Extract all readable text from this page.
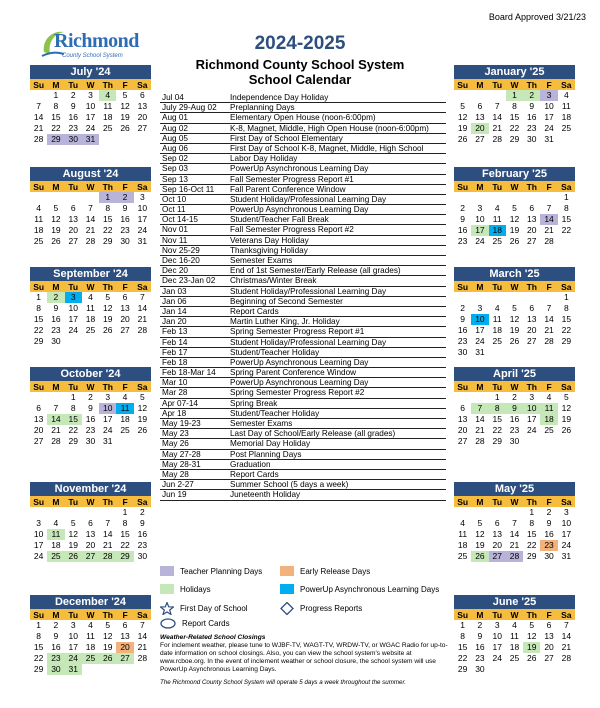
Board Approved 3/21/23
Richmond
County School System
2024-2025
Richmond County School System
School Calendar
Jul 04	Independence Day Holiday
July 29-Aug 02 Preplanning Days
Aug 01	Elementary Open House (noon-6:00pm)
Aug 02	K-8, Magnet, Middle, High Open House (noon-6:00pm)
Aug 05	First Day of School Elementary
Aug 06	First Day of School K-8, Magnet, Middle, High School
Sep 02	Labor Day Holiday
Sep 03	PowerUp Asynchronous Learning Day
Sep 13	Fall Semester Progress Report #1
Sep 16-Oct 11 Fall Parent Conference Window
Oct 10	Student Holiday/Professional Learning Day
Oct 11	PowerUp Asynchronous Learning Day
Oct 14-15	Student/Teacher Fall Break
Nov 01	Fall Semester Progress Report #2
Nov 11	Veterans Day Holiday
Nov 25-29	Thanksgiving Holiday
Dec 16-20	Semester Exams
Dec 20	End of 1st Semester/Early Release (all grades)
Dec 23-Jan 02 Christmas/Winter Break
Jan 03	Student Holiday/Professional Learning Day
Jan 06	Beginning of Second Semester
Jan 14	Report Cards
Jan 20	Martin Luther King, Jr. Holiday
Feb 13	Spring Semester Progress Report #1
Feb 14	Student Holiday/Professional Learning Day
Feb 17	Student/Teacher Holiday
Feb 18	PowerUp Asynchronous Learning Day
Feb 18-Mar 14 Spring Parent Conference Window
Mar 10	PowerUp Asynchronous Learning Day
Mar 28	Spring Semester Progress Report #2
Apr 07-14	Spring Break
Apr 18	Student/Teacher Holiday
May 19-23	Semester Exams
May 23	Last Day of School/Early Release (all grades)
May 26	Memorial Day Holiday
May 27-28	Post Planning Days
May 28-31	Graduation
May 28	Report Cards
Jun 2-27	Summer School (5 days a week)
Jun 19	Juneteenth Holiday
Teacher Planning Days	Early Release Days
Holidays	PowerUp Asynchronous Learning Days
First Day of School	Progress Reports
Report Cards
Weather-Related School Closings
For inclement weather, please tune to WJBF-TV, WAGT-TV, WRDW-TV, or WGAC Radio for up-to-date information on school closings. Also, you can view the school system's website at www.rcboe.org. In the event of inclement weather or school closure, the school system will use PowerUp Asynchronous Learning Days.
The Richmond County School System will operate 5 days a week throughout the summer.
July '24
Su	M	Tu	W	Th	F	Sa
	1	2	3	4	5	6
7	8	9	10	11	12	13
14	15	16	17	18	19	20
21	22	23	24	25	26	27
28	29	30	31			
August '24
Su	M	Tu	W	Th	F	Sa
				1	2	3
4	5	6	7	8	9	10
11	12	13	14	15	16	17
18	19	20	21	22	23	24
25	26	27	28	29	30	31
September '24
Su	M	Tu	W	Th	F	Sa
1	2	3	4	5	6	7
8	9	10	11	12	13	14
15	16	17	18	19	20	21
22	23	24	25	26	27	28
29	30					
October '24
Su	M	Tu	W	Th	F	Sa
		1	2	3	4	5
6	7	8	9	10	11	12
13	14	15	16	17	18	19
20	21	22	23	24	25	26
27	28	29	30	31		
November '24
Su	M	Tu	W	Th	F	Sa
					1	2
3	4	5	6	7	8	9
10	11	12	13	14	15	16
17	18	19	20	21	22	23
24	25	26	27	28	29	30
December '24
Su	M	Tu	W	Th	F	Sa
1	2	3	4	5	6	7
8	9	10	11	12	13	14
15	16	17	18	19	20	21
22	23	24	25	26	27	28
29	30	31				
January '25
Su	M	Tu	W	Th	F	Sa
			1	2	3	4
5	6	7	8	9	10	11
12	13	14	15	16	17	18
19	20	21	22	23	24	25
26	27	28	29	30	31	
February '25
Su	M	Tu	W	Th	F	Sa
						1
2	3	4	5	6	7	8
9	10	11	12	13	14	15
16	17	18	19	20	21	22
23	24	25	26	27	28	
March '25
Su	M	Tu	W	Th	F	Sa
						1
2	3	4	5	6	7	8
9	10	11	12	13	14	15
16	17	18	19	20	21	22
23	24	25	26	27	28	29
30	31					
April '25
Su	M	Tu	W	Th	F	Sa
		1	2	3	4	5
6	7	8	9	10	11	12
13	14	15	16	17	18	19
20	21	22	23	24	25	26
27	28	29	30			
May '25
Su	M	Tu	W	Th	F	Sa
				1	2	3
4	5	6	7	8	9	10
11	12	13	14	15	16	17
18	19	20	21	22	23	24
25	26	27	28	29	30	31
June '25
Su	M	Tu	W	Th	F	Sa
1	2	3	4	5	6	7
8	9	10	11	12	13	14
15	16	17	18	19	20	21
22	23	24	25	26	27	28
29	30					
